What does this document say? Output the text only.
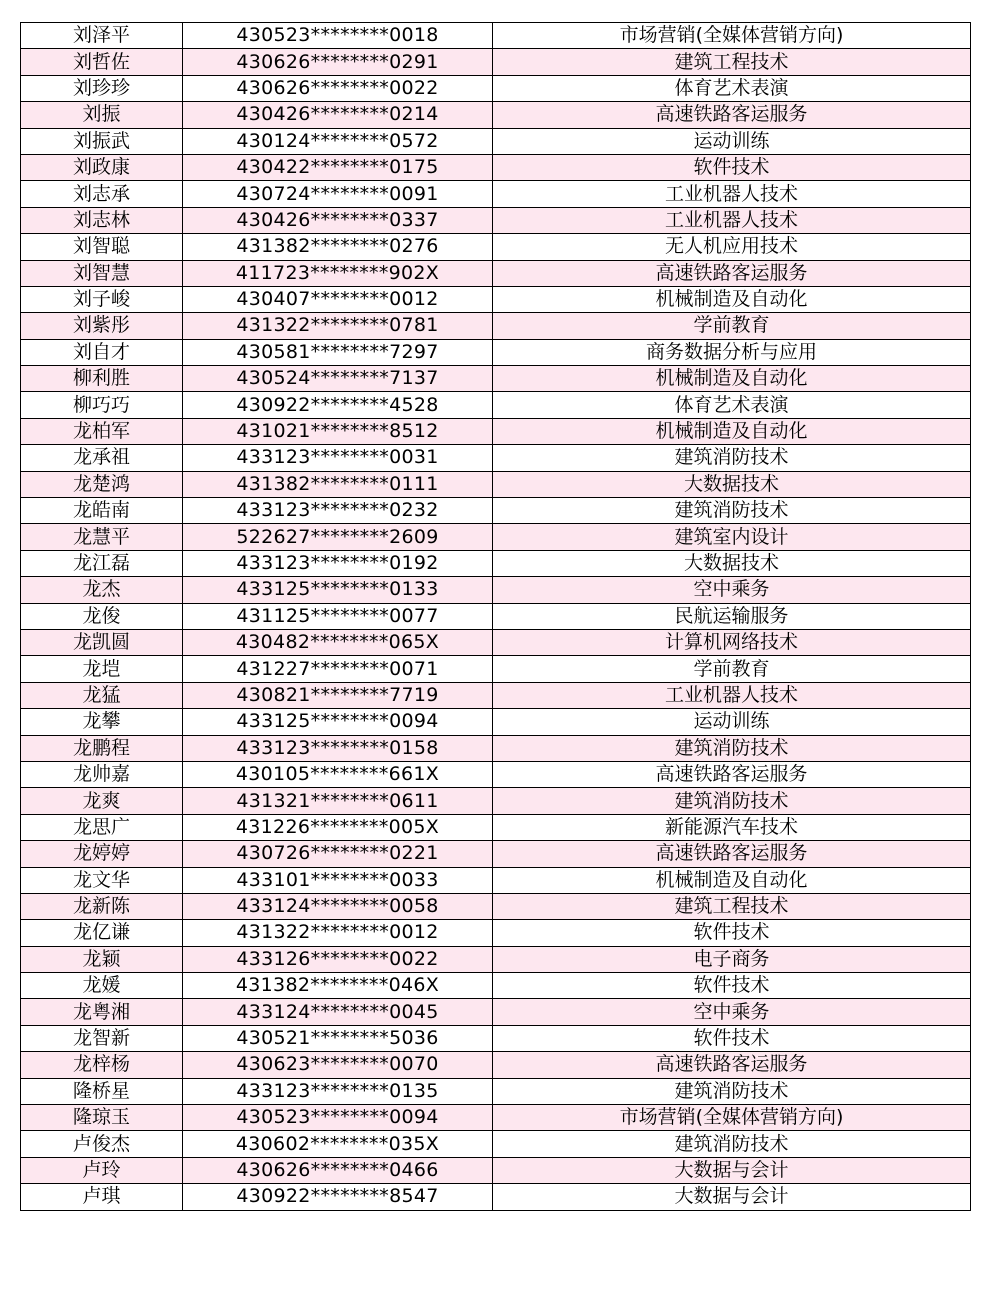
刘泽平	430523********0018	市场营销(全媒体营销方向)
刘哲佐	430626********0291	建筑工程技术
刘珍珍	430626********0022	体育艺术表演
刘振	430426********0214	高速铁路客运服务
刘振武	430124********0572	运动训练
刘政康	430422********0175	软件技术
刘志承	430724********0091	工业机器人技术
刘志林	430426********0337	工业机器人技术
刘智聪	431382********0276	无人机应用技术
刘智慧	411723********902X	高速铁路客运服务
刘子峻	430407********0012	机械制造及自动化
刘紫彤	431322********0781	学前教育
刘自才	430581********7297	商务数据分析与应用
柳利胜	430524********7137	机械制造及自动化
柳巧巧	430922********4528	体育艺术表演
龙柏军	431021********8512	机械制造及自动化
龙承祖	433123********0031	建筑消防技术
龙楚鸿	431382********0111	大数据技术
龙皓南	433123********0232	建筑消防技术
龙慧平	522627********2609	建筑室内设计
龙江磊	433123********0192	大数据技术
龙杰	433125********0133	空中乘务
龙俊	431125********0077	民航运输服务
龙凯圆	430482********065X	计算机网络技术
龙垲	431227********0071	学前教育
龙猛	430821********7719	工业机器人技术
龙攀	433125********0094	运动训练
龙鹏程	433123********0158	建筑消防技术
龙帅嘉	430105********661X	高速铁路客运服务
龙爽	431321********0611	建筑消防技术
龙思广	431226********005X	新能源汽车技术
龙婷婷	430726********0221	高速铁路客运服务
龙文华	433101********0033	机械制造及自动化
龙新陈	433124********0058	建筑工程技术
龙亿谦	431322********0012	软件技术
龙颖	433126********0022	电子商务
龙媛	431382********046X	软件技术
龙粤湘	433124********0045	空中乘务
龙智新	430521********5036	软件技术
龙梓杨	430623********0070	高速铁路客运服务
隆桥星	433123********0135	建筑消防技术
隆琼玉	430523********0094	市场营销(全媒体营销方向)
卢俊杰	430602********035X	建筑消防技术
卢玲	430626********0466	大数据与会计
卢琪	430922********8547	大数据与会计
